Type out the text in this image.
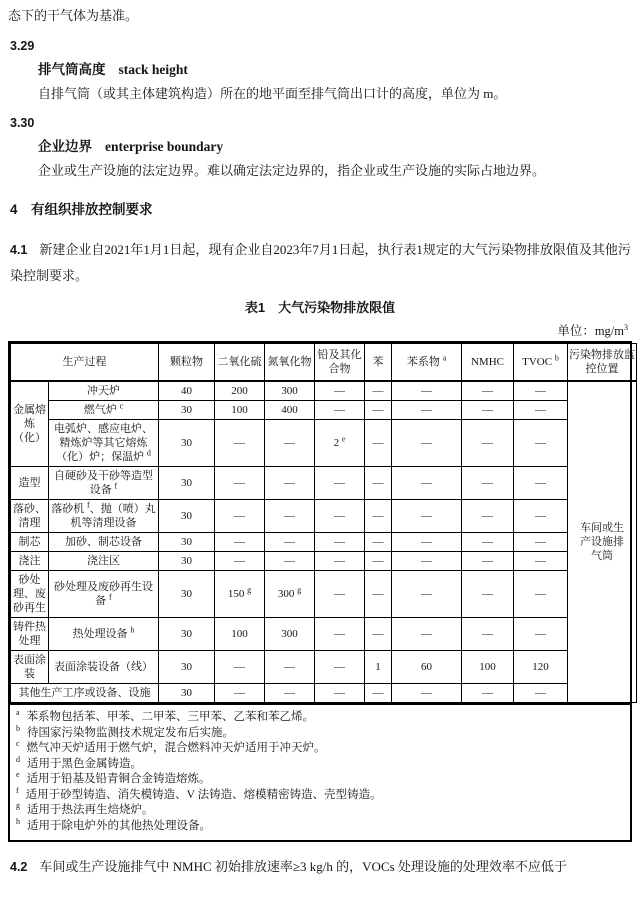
态下的干气体为基准。

3.29

排气筒高度 stack height

自排气筒（或其主体建筑构造）所在的地平面至排气筒出口计的高度，单位为 m。

3.30

企业边界 enterprise boundary

企业或生产设施的法定边界。难以确定法定边界的，指企业或生产设施的实际占地边界。

4　有组织排放控制要求

4.1 新建企业自2021年1月1日起，现有企业自2023年7月1日起，执行表1规定的大气污染物排放限值及其他污染控制要求。

表1　大气污染物排放限值

单位：$mg/m^3$

生产过程		颗粒物	二氧化硫	氮氧化物	铅及其化合物	苯	苯系物 $^a$	NMHC	TVOC $^b$	污染物排放监控位置
金属熔炼（化）	冲天炉	40	200	300	—	—	—	—	—	车间或生产设施排气筒
	燃气炉 $^c$	30	100	400	—	—	—	—	—	
	电弧炉、感应电炉、精炼炉等其它熔炼（化）炉；保温炉 $^d$	30	—	—	2 $^e$	—	—	—	—	
造型	自硬砂及干砂等造型设备 $^f$	30	—	—	—	—	—	—	—	
落砂、清理	落砂机 $^f$、抛（喷）丸机等清理设备	30	—	—	—	—	—	—	—	
制芯	加砂、制芯设备	30	—	—	—	—	—	—	—	
浇注	浇注区	30	—	—	—	—	—	—	—	
砂处理、废砂再生	砂处理及废砂再生设备 $^f$	30	150 $^g$	300 $^g$	—	—	—	—	—	
铸件热处理	热处理设备 $^h$	30	100	300	—	—	—	—	—	
表面涂装	表面涂装设备（线）	30	—	—	—	1	60	100	120	
其他生产工序或设备、设施		30	—	—	—	—	—	—	—	
$^a$ 苯系物包括苯、甲苯、二甲苯、三甲苯、乙苯和苯乙烯。
$^b$ 待国家污染物监测技术规定发布后实施。
$^c$ 燃气冲天炉适用于燃气炉，混合燃料冲天炉适用于冲天炉。
$^d$ 适用于黑色金属铸造。
$^e$ 适用于铅基及铅青铜合金铸造熔炼。
$^f$ 适用于砂型铸造、消失模铸造、V 法铸造、熔模精密铸造、壳型铸造。
$^g$ 适用于热法再生焙烧炉。
$^h$ 适用于除电炉外的其他热处理设备。

4.2 车间或生产设施排气中 NMHC 初始排放速率≥3 kg/h 的，VOCs 处理设施的处理效率不应低于
